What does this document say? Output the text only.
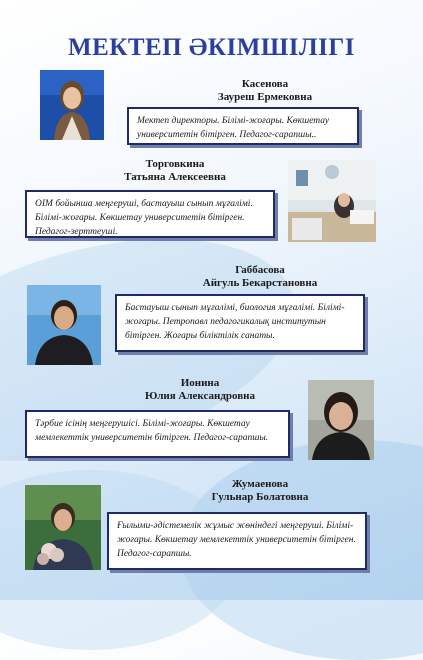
МЕКТЕП ӘКІМШІЛІГІ
Касенова
Зауреш Ермековна
Мектеп директоры. Білімі-жоғары. Көкшетау университетін бітірген. Педагог-сарапшы..
Торговкина
Татьяна Алексеевна
ОІМ бойынша меңгеруші, бастауыш сынып мұғалімі. Білімі-жоғары. Көкшетау университетін бітірген. Педагог-зерттеуші.
Габбасова
Айгуль Бекарстановна
Бастауыш сынып мұғалімі, биология мұғалімі. Білімі-жоғары. Петропавл педагогикалық институтын бітірген. Жоғары біліктілік санаты.
Ионина
Юлия Александровна
Тәрбие ісінің меңгерушісі. Білімі-жоғары. Көкшетау мемлекеттік университетін бітірген. Педагог-сарапшы.
Жумаенова
Гульнар Болатовна
Ғылыми-әдістемелік жұмыс жөніндегі меңгеруші. Білімі-жоғары. Көкшетау мемлекеттік университетін бітірген. Педагог-сарапшы.
